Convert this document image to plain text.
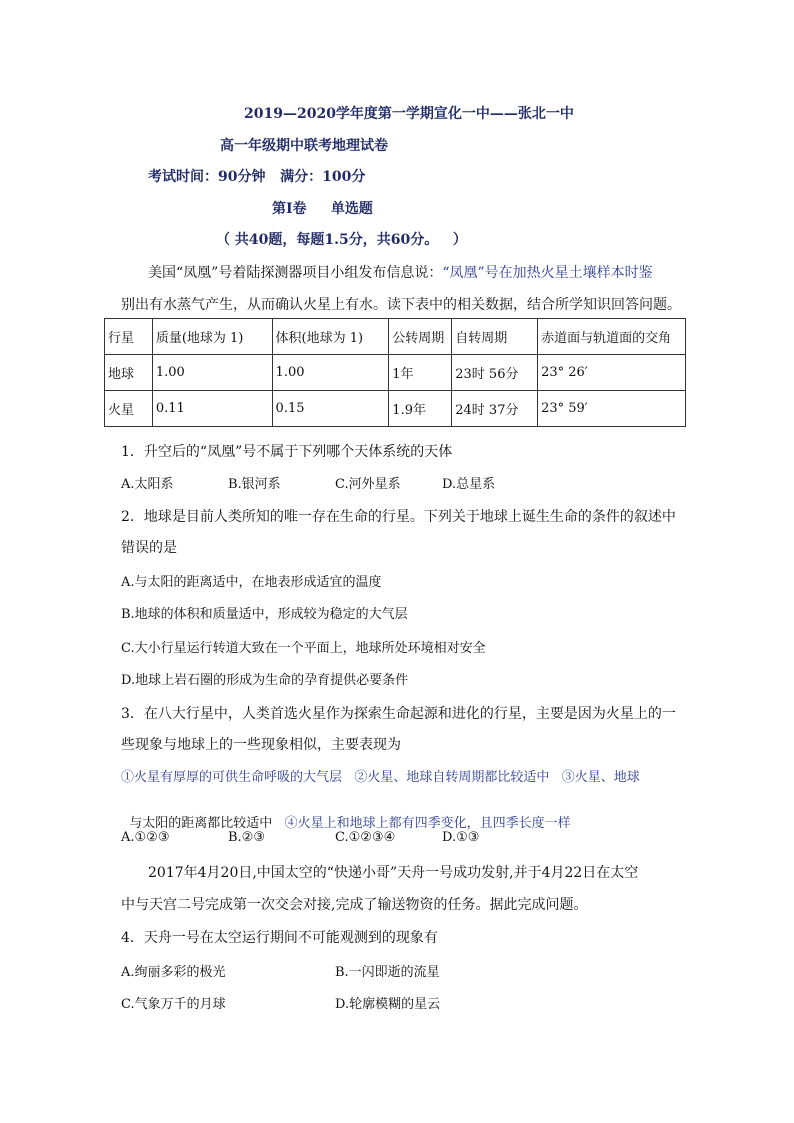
2019—2020学年度第一学期宣化一中——张北一中
高一年级期中联考地理试卷
考试时间：90分钟   满分：100分
第Ⅰ卷     单选题
（ 共40题，每题1.5分，共60分。   ）
美国“凤凰”号着陆探测器项目小组发布信息说：“凤凰”号在加热火星土壤样本时鉴
别出有水蒸气产生，从而确认火星上有水。读下表中的相关数据，结合所学知识回答问题。
行星	质量(地球为 1)	体积(地球为 1)	公转周期	自转周期	赤道面与轨道面的交角
地球	1.00	1.00	1年	23时 56分	23° 26′
火星	0.11	0.15	1.9年	24时 37分	23° 59′
1．升空后的“凤凰”号不属于下列哪个天体系统的天体
A.太阳系	B.银河系	C.河外星系	D.总星系
2．地球是目前人类所知的唯一存在生命的行星。下列关于地球上诞生生命的条件的叙述中
错误的是
A.与太阳的距离适中，在地表形成适宜的温度
B.地球的体积和质量适中，形成较为稳定的大气层
C.大小行星运行转道大致在一个平面上，地球所处环境相对安全
D.地球上岩石圈的形成为生命的孕育提供必要条件
3．在八大行星中，人类首选火星作为探索生命起源和进化的行星，主要是因为火星上的一
些现象与地球上的一些现象相似，主要表现为
①火星有厚厚的可供生命呼吸的大气层   ②火星、地球自转周期都比较适中   ③火星、地球

与太阳的距离都比较适中   ④火星上和地球上都有四季变化，且四季长度一样

A.①②③	B.②③	C.①②③④	D.①③
2017年4月20日,中国太空的“快递小哥”天舟一号成功发射,并于4月22日在太空
中与天宫二号完成第一次交会对接,完成了输送物资的任务。据此完成问题。
4．天舟一号在太空运行期间不可能观测到的现象有
A.绚丽多彩的极光	B.一闪即逝的流星
C.气象万千的月球	D.轮廓模糊的星云
